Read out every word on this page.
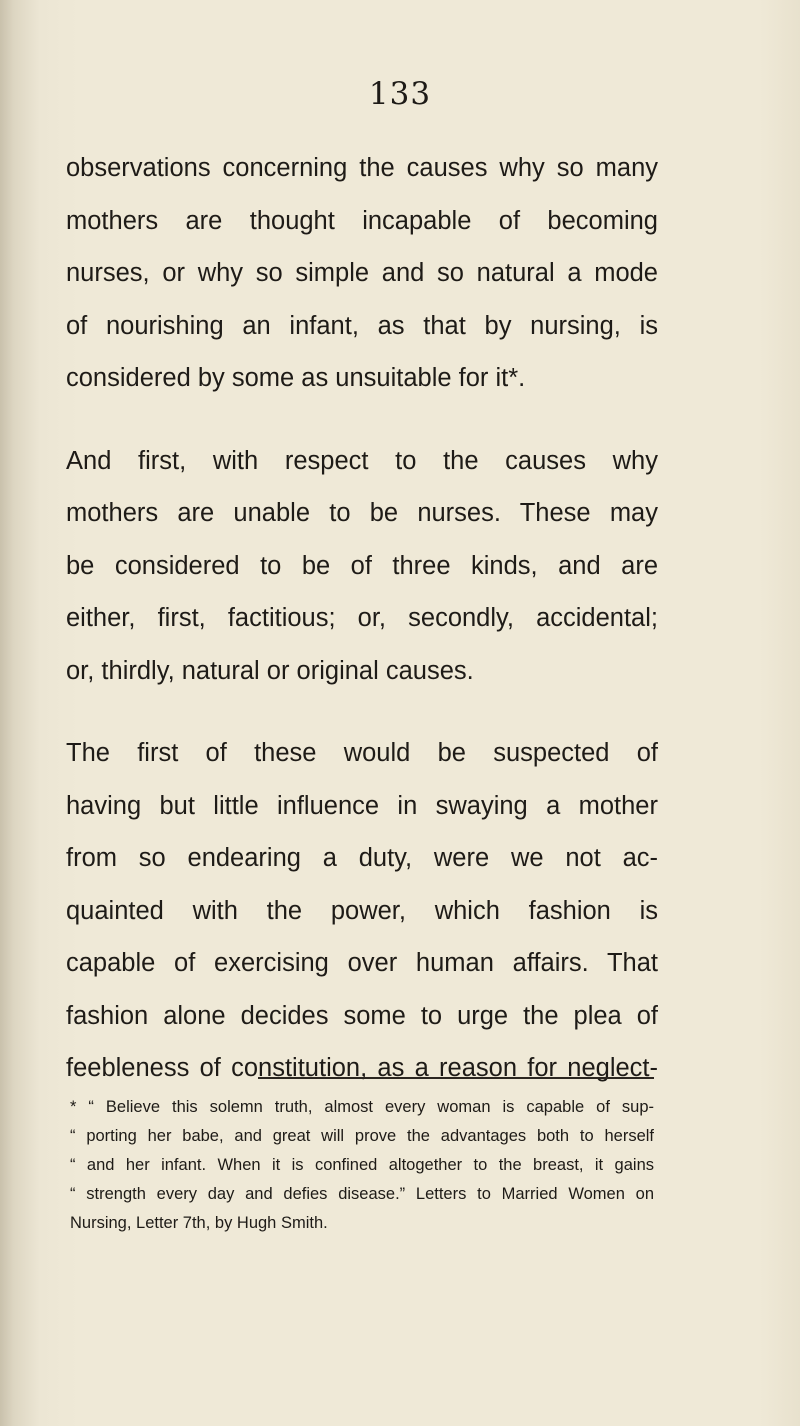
133
observations concerning the causes why so many
mothers are thought incapable of becoming
nurses, or why so simple and so natural a mode
of nourishing an infant, as that by nursing, is
considered by some as unsuitable for it*.
And first, with respect to the causes why
mothers are unable to be nurses. These may
be considered to be of three kinds, and are
either, first, factitious; or, secondly, accidental;
or, thirdly, natural or original causes.
The first of these would be suspected of
having but little influence in swaying a mother
from so endearing a duty, were we not ac-
quainted with the power, which fashion is
capable of exercising over human affairs. That
fashion alone decides some to urge the plea of
feebleness of constitution, as a reason for neglect-
* “ Believe this solemn truth, almost every woman is capable of sup-
“ porting her babe, and great will prove the advantages both to herself
“ and her infant. When it is confined altogether to the breast, it gains
“ strength every day and defies disease.” Letters to Married Women on
Nursing, Letter 7th, by Hugh Smith.
